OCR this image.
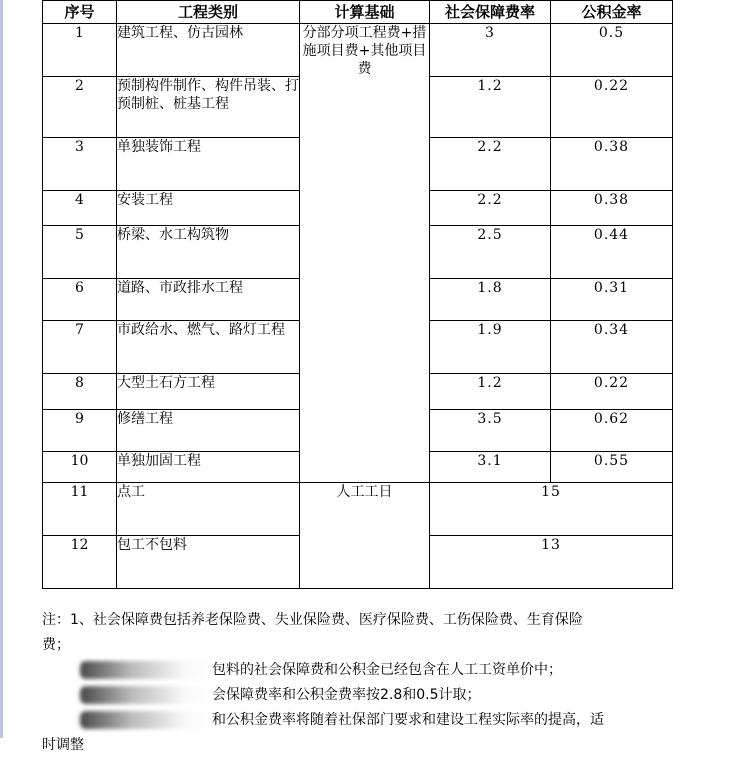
序号	工程类别	计算基础	社会保障费率	公积金率
1	建筑工程、仿古园林	分部分项工程费+措施项目费+其他项目费	3	0.5
2	预制构件制作、构件吊装、打预制桩、桩基工程		1.2	0.22
3	单独装饰工程		2.2	0.38
4	安装工程		2.2	0.38
5	桥梁、水工构筑物		2.5	0.44
6	道路、市政排水工程		1.8	0.31
7	市政给水、燃气、路灯工程		1.9	0.34
8	大型土石方工程		1.2	0.22
9	修缮工程		3.5	0.62
10	单独加固工程		3.1	0.55
11	点工	人工工日	15	
12	包工不包料		13	
注：1、社会保障费包括养老保险费、失业保险费、医疗保险费、工伤保险费、生育保险
费；
包料的社会保障费和公积金已经包含在人工工资单价中；
会保障费率和公积金费率按2.8和0.5计取；
和公积金费率将随着社保部门要求和建设工程实际率的提高，适
时调整
